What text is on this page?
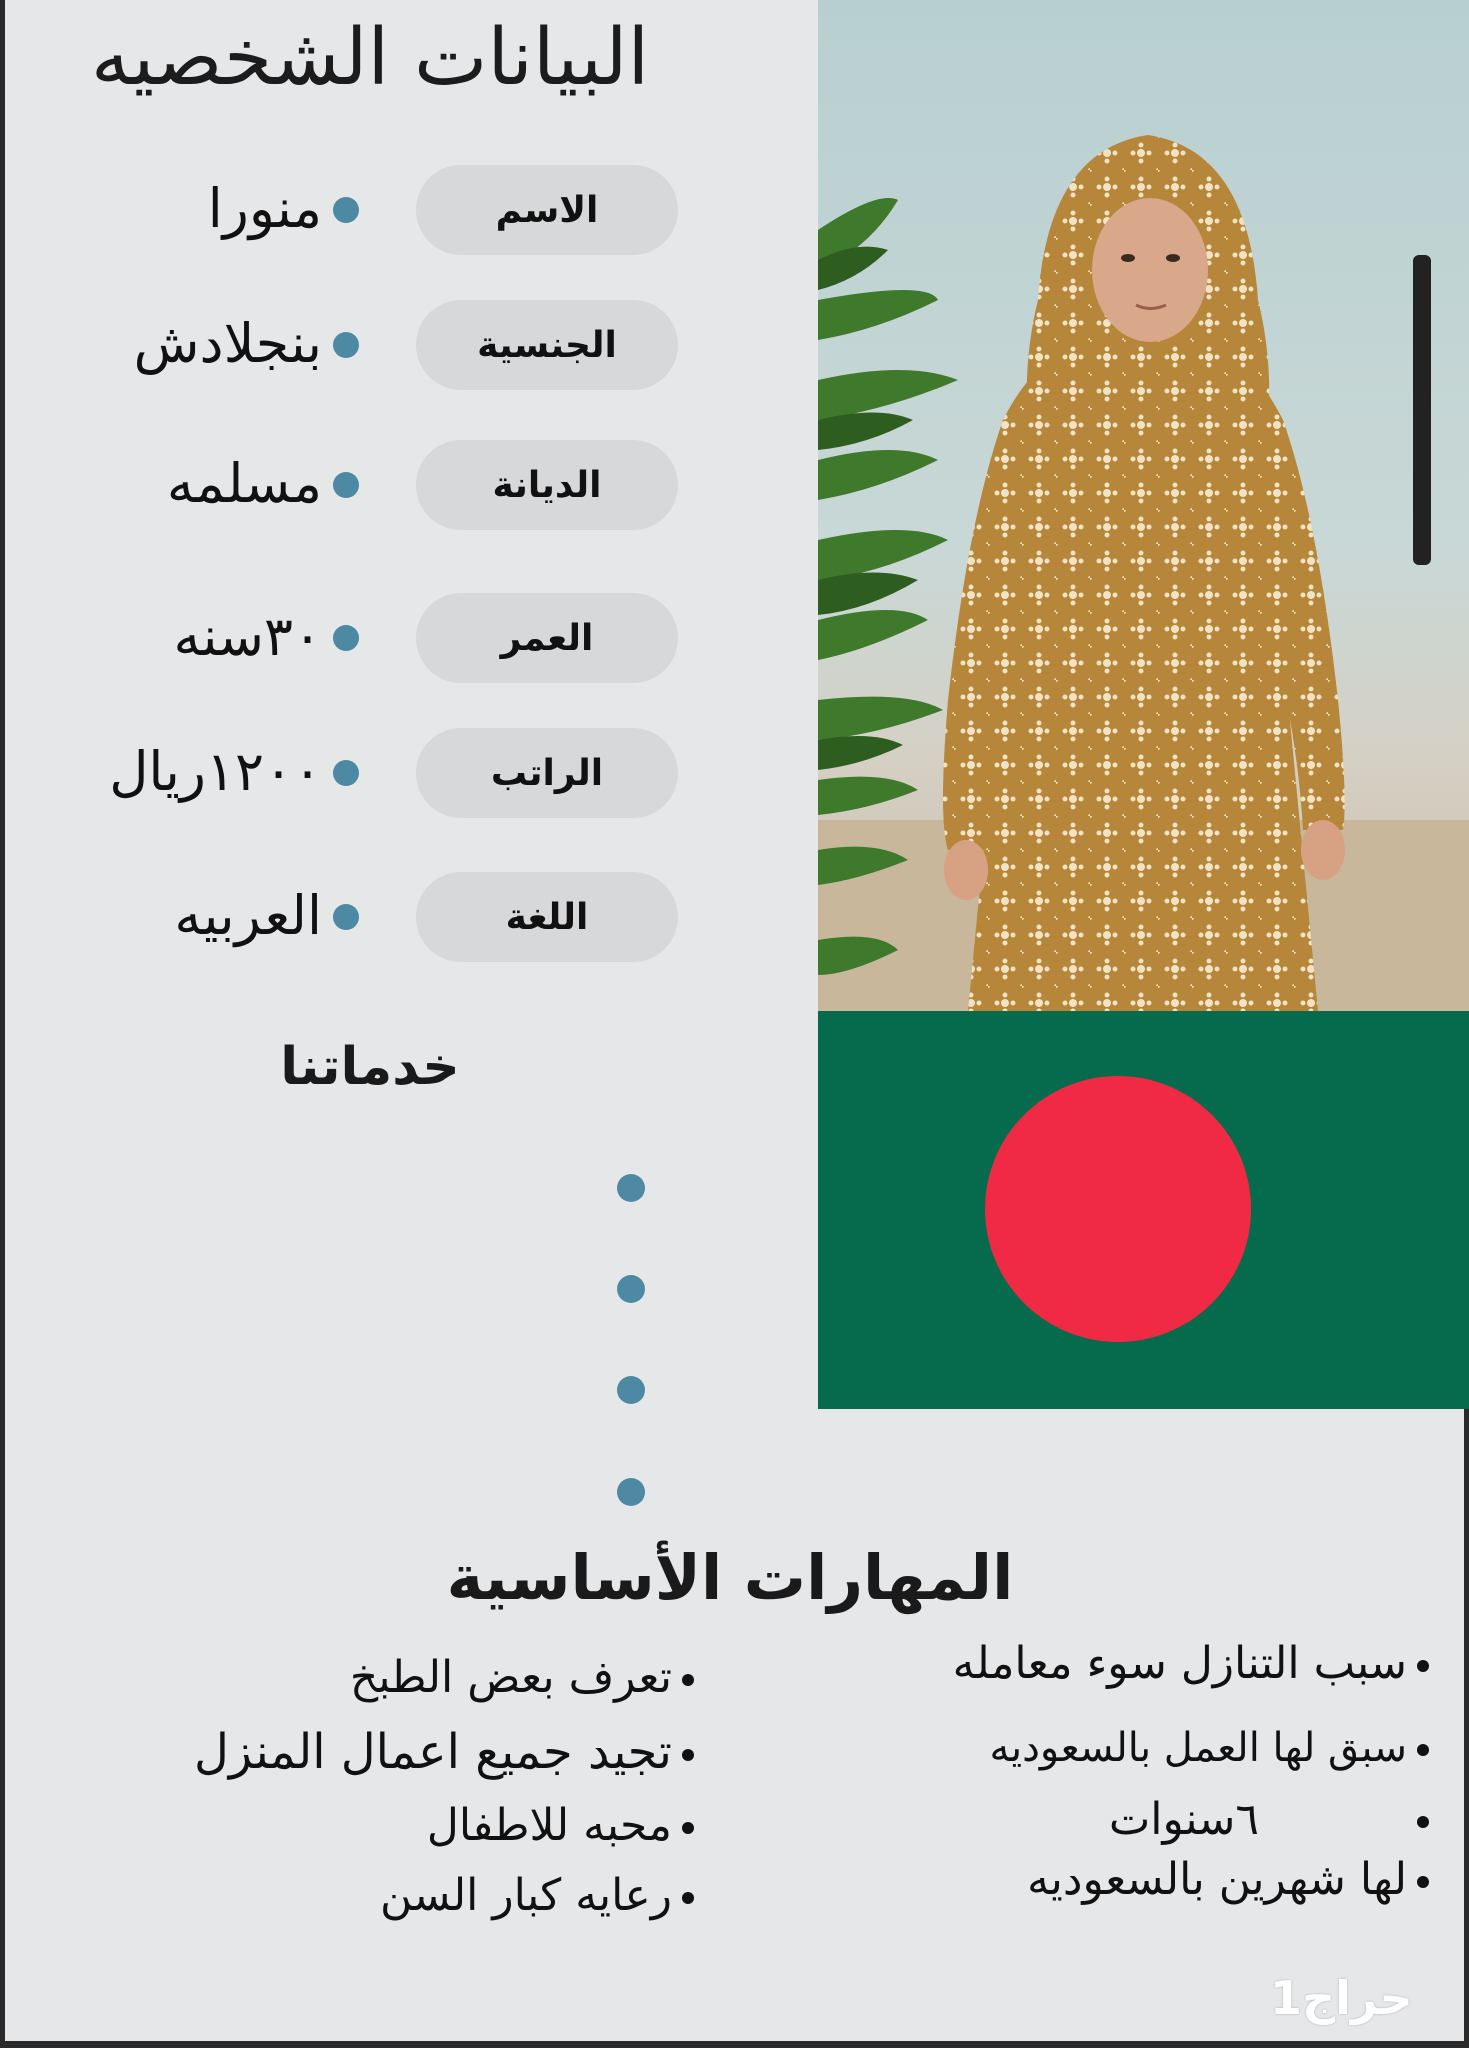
البيانات الشخصيه
الاسم
منورا
الجنسية
بنجلادش
الديانة
مسلمه
العمر
٣٠سنه
الراتب
١٢٠٠ريال
اللغة
العربيه
خدماتنا
المهارات الأساسية
سبب التنازل سوء معامله
سبق لها العمل بالسعوديه
٦سنوات
لها شهرين بالسعوديه
تعرف بعض الطبخ
تجيد جميع اعمال المنزل
محبه للاطفال
رعايه كبار السن
حراج1
